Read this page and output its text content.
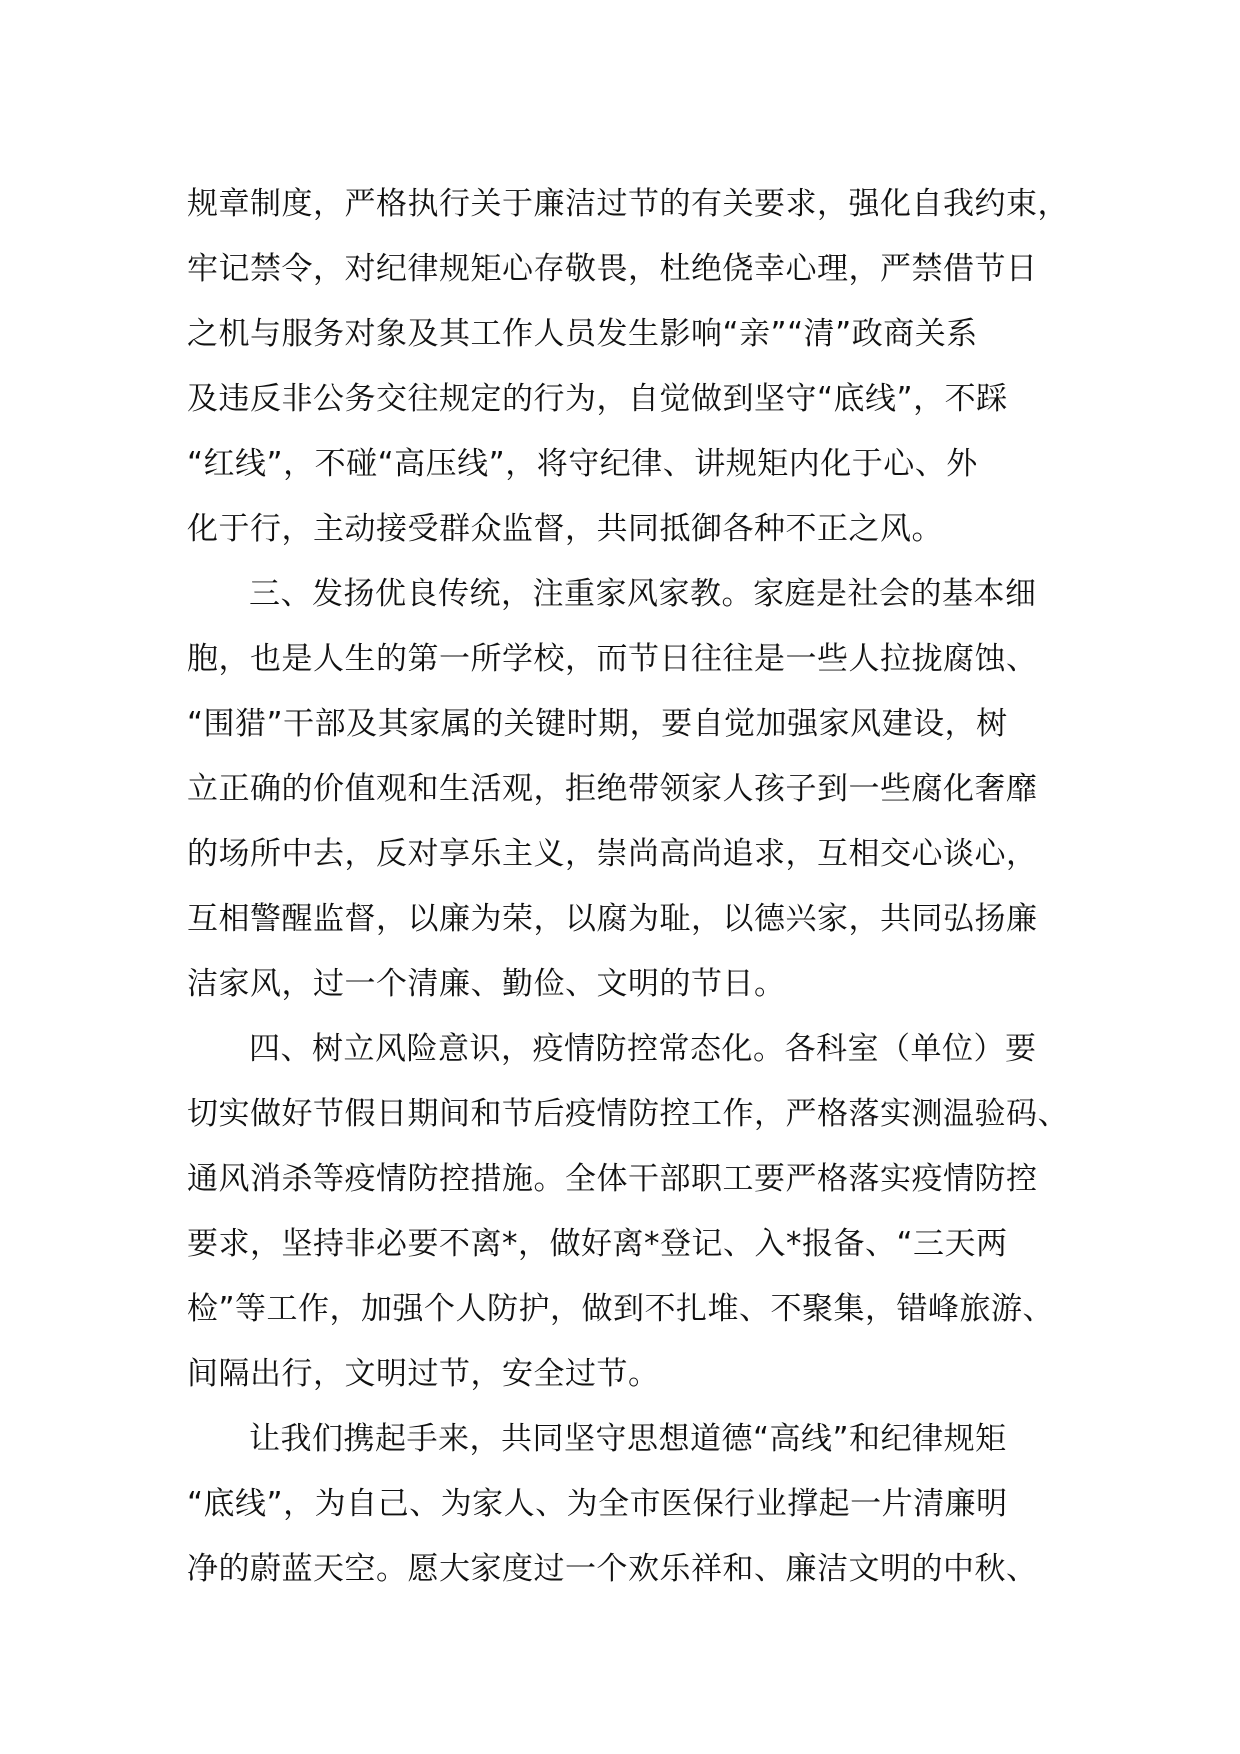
规章制度，严格执行关于廉洁过节的有关要求，强化自我约束，
牢记禁令，对纪律规矩心存敬畏，杜绝侥幸心理，严禁借节日
之机与服务对象及其工作人员发生影响“亲”“清”政商关系
及违反非公务交往规定的行为，自觉做到坚守“底线”，不踩
“红线”，不碰“高压线”，将守纪律、讲规矩内化于心、外
化于行，主动接受群众监督，共同抵御各种不正之风。
三、发扬优良传统，注重家风家教。家庭是社会的基本细
胞，也是人生的第一所学校，而节日往往是一些人拉拢腐蚀、
“围猎”干部及其家属的关键时期，要自觉加强家风建设，树
立正确的价值观和生活观，拒绝带领家人孩子到一些腐化奢靡
的场所中去，反对享乐主义，崇尚高尚追求，互相交心谈心，
互相警醒监督，以廉为荣，以腐为耻，以德兴家，共同弘扬廉
洁家风，过一个清廉、勤俭、文明的节日。
四、树立风险意识，疫情防控常态化。各科室（单位）要
切实做好节假日期间和节后疫情防控工作，严格落实测温验码、
通风消杀等疫情防控措施。全体干部职工要严格落实疫情防控
要求，坚持非必要不离*，做好离*登记、入*报备、“三天两
检”等工作，加强个人防护，做到不扎堆、不聚集，错峰旅游、
间隔出行，文明过节，安全过节。
让我们携起手来，共同坚守思想道德“高线”和纪律规矩
“底线”，为自己、为家人、为全市医保行业撑起一片清廉明
净的蔚蓝天空。愿大家度过一个欢乐祥和、廉洁文明的中秋、
